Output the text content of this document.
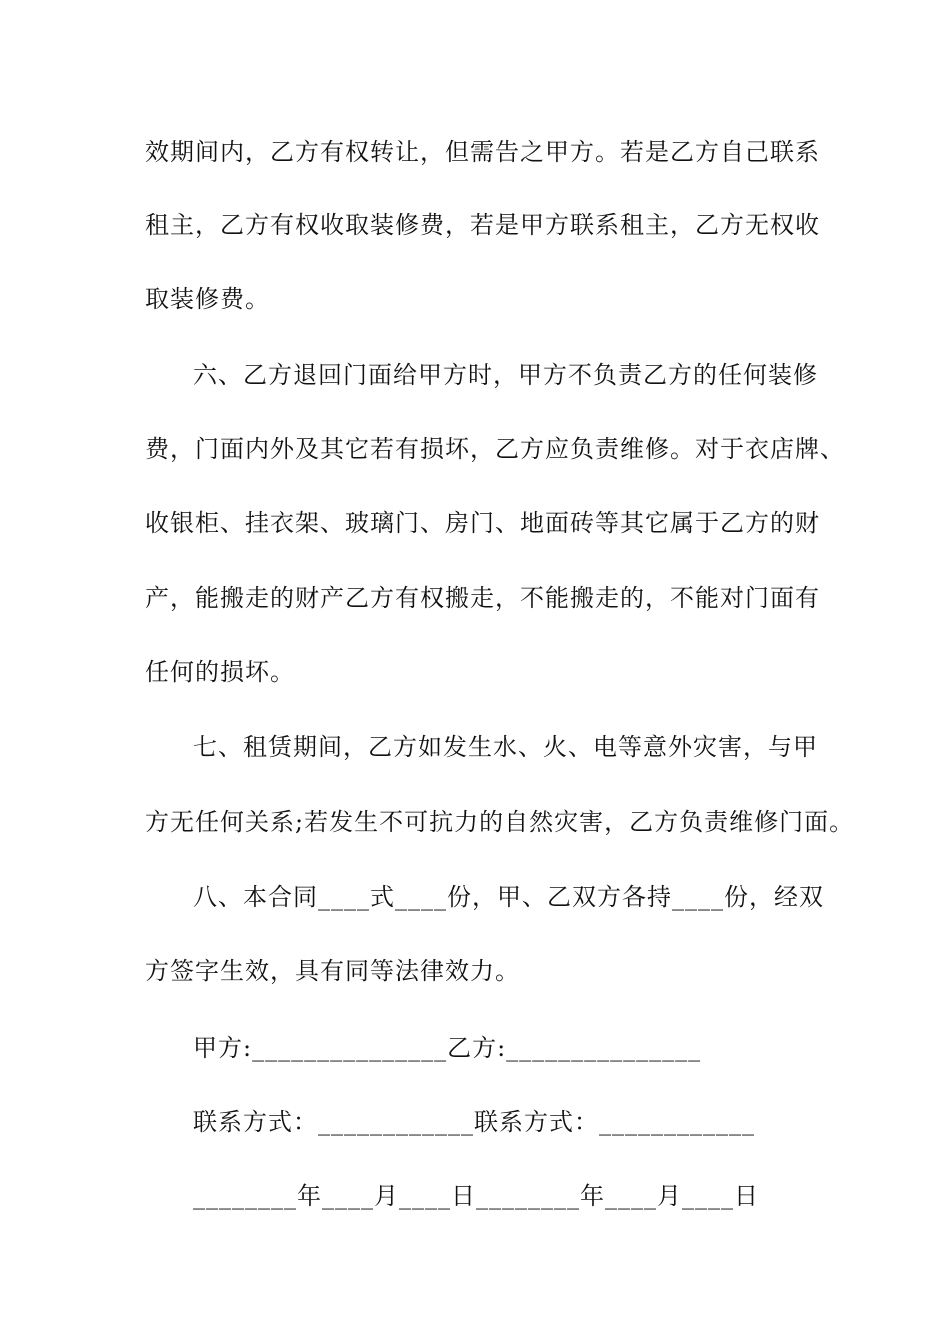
效期间内，乙方有权转让，但需告之甲方。若是乙方自己联系
租主，乙方有权收取装修费，若是甲方联系租主，乙方无权收
取装修费。
六、乙方退回门面给甲方时，甲方不负责乙方的任何装修
费，门面内外及其它若有损坏，乙方应负责维修。对于衣店牌、
收银柜、挂衣架、玻璃门、房门、地面砖等其它属于乙方的财
产，能搬走的财产乙方有权搬走，不能搬走的，不能对门面有
任何的损坏。
七、租赁期间，乙方如发生水、火、电等意外灾害，与甲
方无任何关系;若发生不可抗力的自然灾害，乙方负责维修门面。
八、本合同____式____份，甲、乙双方各持____份，经双
方签字生效，具有同等法律效力。
甲方:_______________乙方:_______________
联系方式：____________联系方式：____________
________年____月____日________年____月____日
